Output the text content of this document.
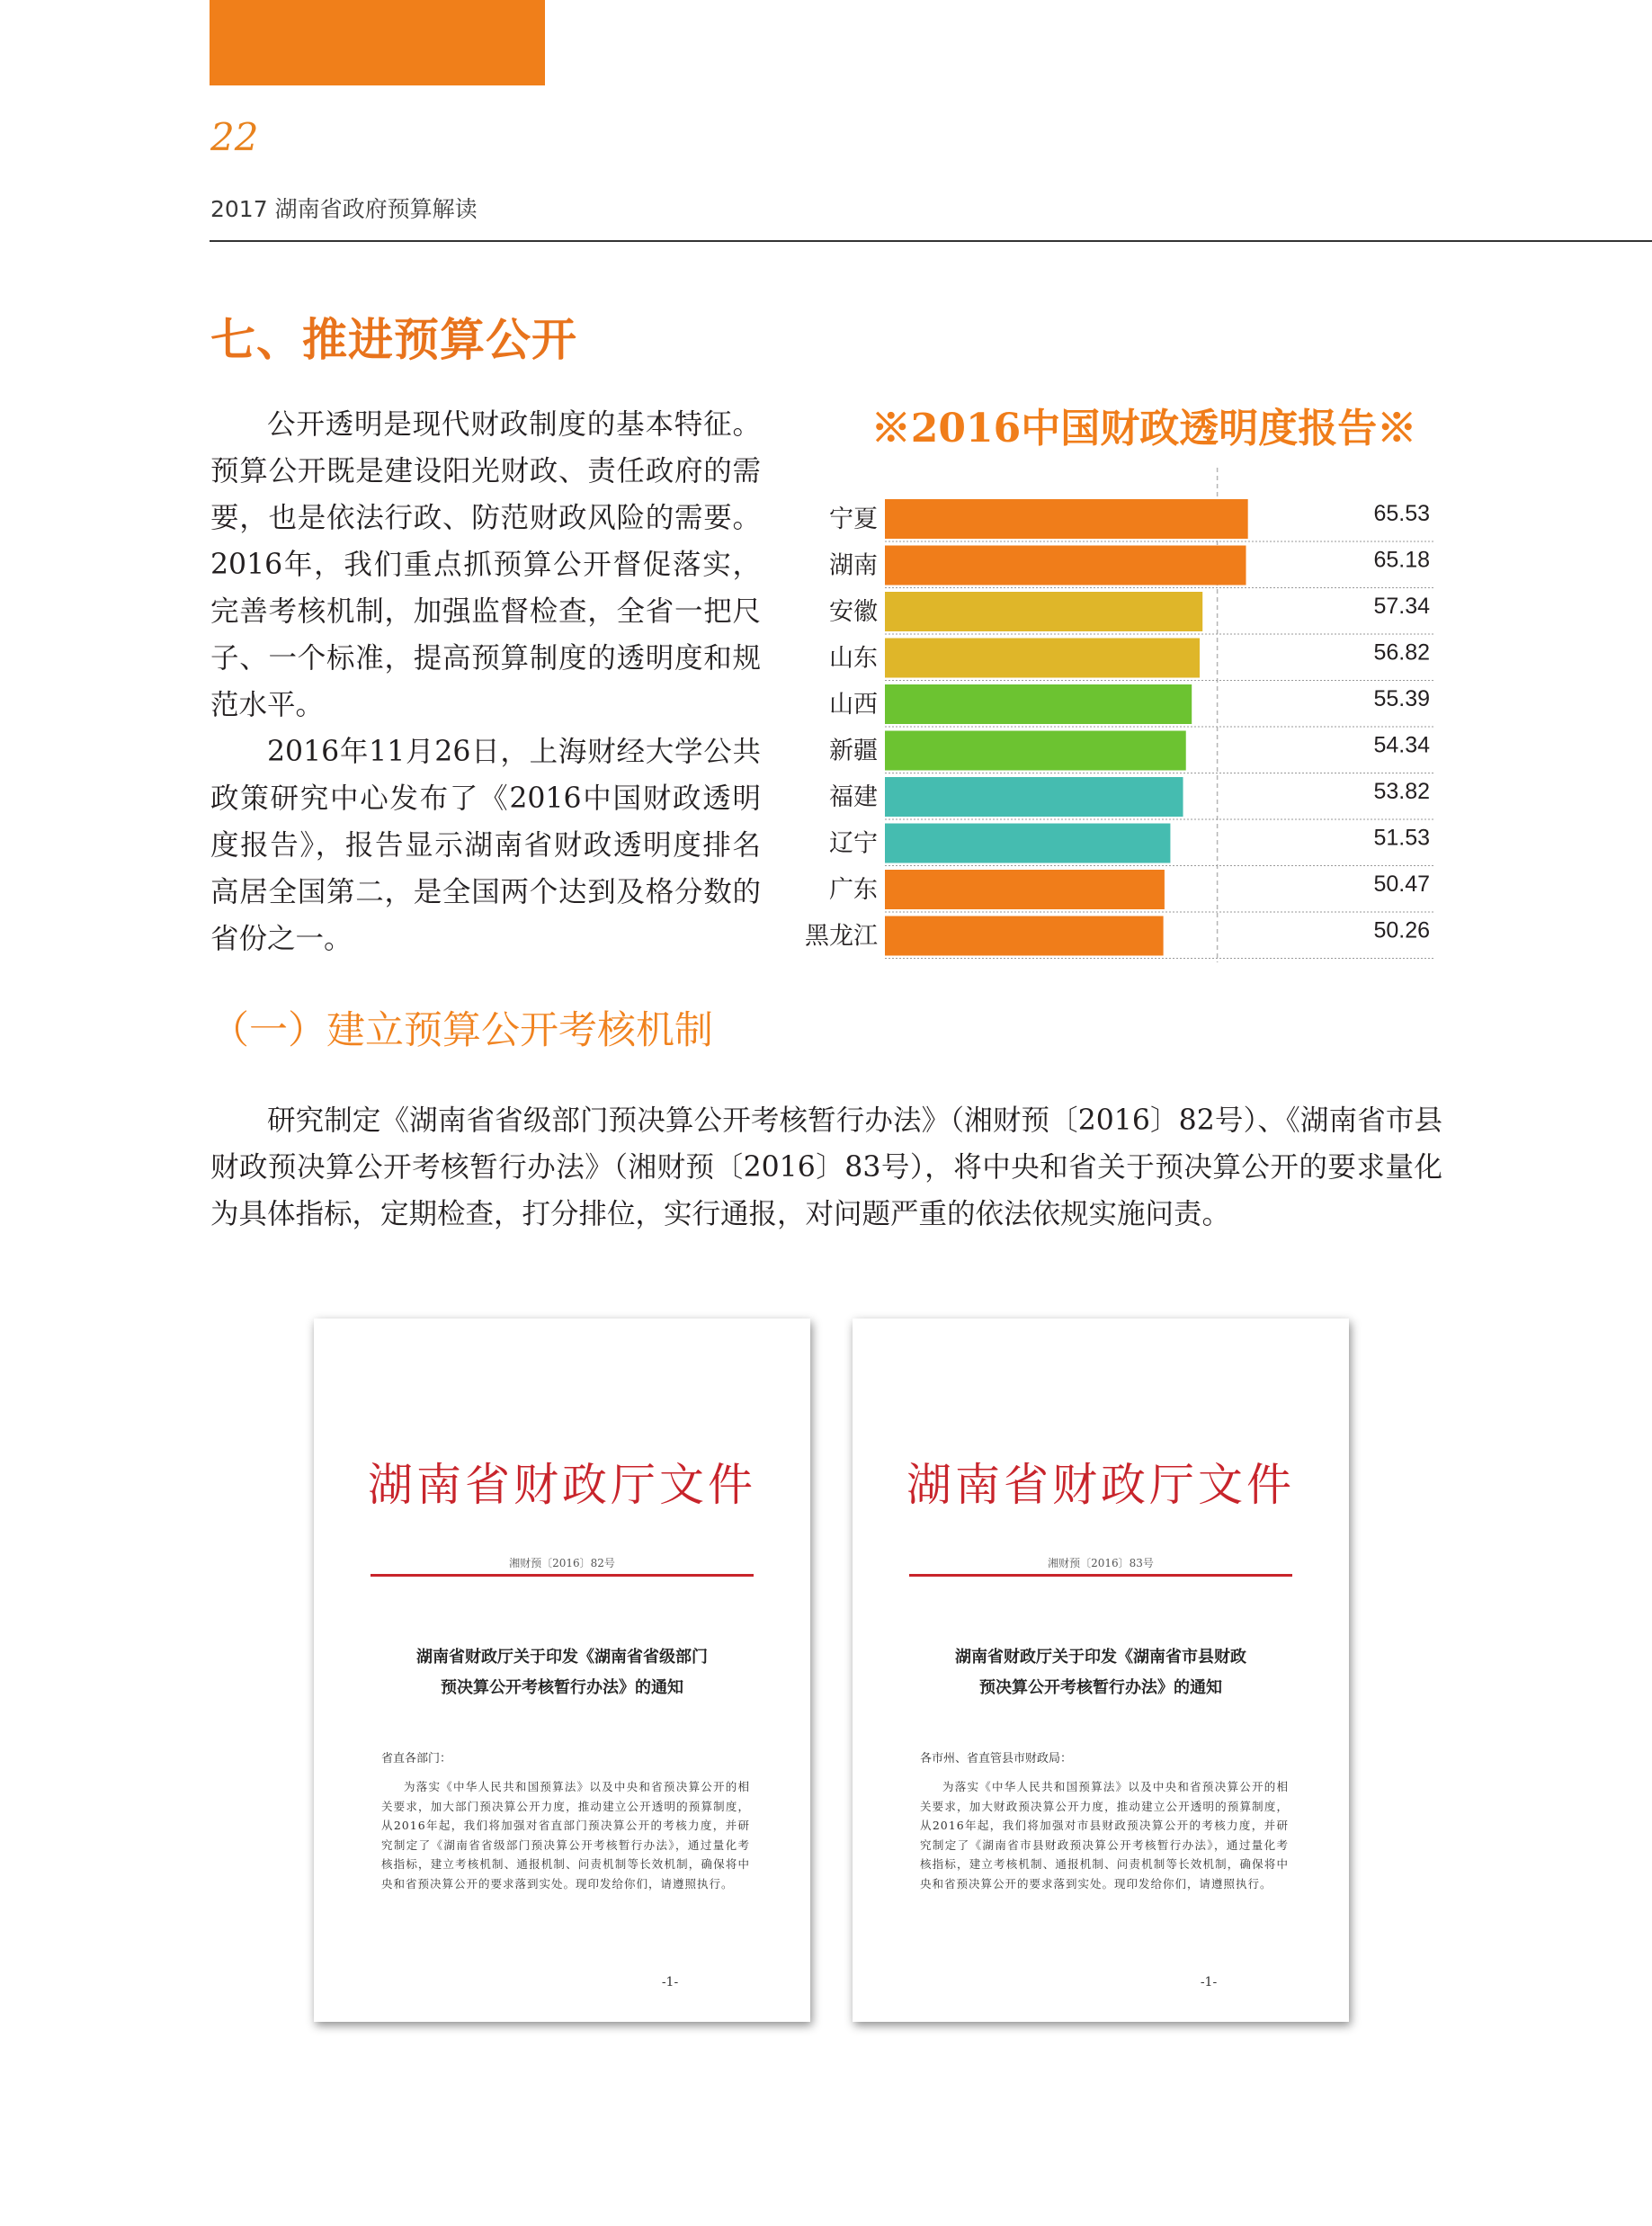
22
2017 湖南省政府预算解读
七、推进预算公开

公开透明是现代财政制度的基本特征。预算公开既是建设阳光财政、责任政府的需要，也是依法行政、防范财政风险的需要。2016年，我们重点抓预算公开督促落实，完善考核机制，加强监督检查，全省一把尺子、一个标准，提高预算制度的透明度和规范水平。

2016年11月26日，上海财经大学公共政策研究中心发布了《2016中国财政透明度报告》，报告显示湖南省财政透明度排名高居全国第二，是全国两个达到及格分数的省份之一。

宁夏	65.53
湖南	65.18
安徽	57.34
山东	56.82
山西	55.39
新疆	54.34
福建	53.82
辽宁	51.53
广东	50.47
黑龙江	50.26
※2016中国财政透明度报告※
（一）建立预算公开考核机制

研究制定《湖南省省级部门预决算公开考核暂行办法》（湘财预〔2016〕82号）、《湖南省市县财政预决算公开考核暂行办法》（湘财预〔2016〕83号），将中央和省关于预决算公开的要求量化为具体指标，定期检查，打分排位，实行通报，对问题严重的依法依规实施问责。

湖南省财政厅文件
湘财预〔2016〕82号
湖南省财政厅关于印发《湖南省省级部门
预决算公开考核暂行办法》的通知
省直各部门：
为落实《中华人民共和国预算法》以及中央和省预决算公开的相关要求，加大部门预决算公开力度，推动建立公开透明的预算制度，从2016年起，我们将加强对省直部门预决算公开的考核力度，并研究制定了《湖南省省级部门预决算公开考核暂行办法》，通过量化考核指标，建立考核机制、通报机制、问责机制等长效机制，确保将中央和省预决算公开的要求落到实处。现印发给你们，请遵照执行。
-1-
湖南省财政厅文件
湘财预〔2016〕83号
湖南省财政厅关于印发《湖南省市县财政
预决算公开考核暂行办法》的通知
各市州、省直管县市财政局：
为落实《中华人民共和国预算法》以及中央和省预决算公开的相关要求，加大财政预决算公开力度，推动建立公开透明的预算制度，从2016年起，我们将加强对市县财政预决算公开的考核力度，并研究制定了《湖南省市县财政预决算公开考核暂行办法》，通过量化考核指标，建立考核机制、通报机制、问责机制等长效机制，确保将中央和省预决算公开的要求落到实处。现印发给你们，请遵照执行。
-1-
